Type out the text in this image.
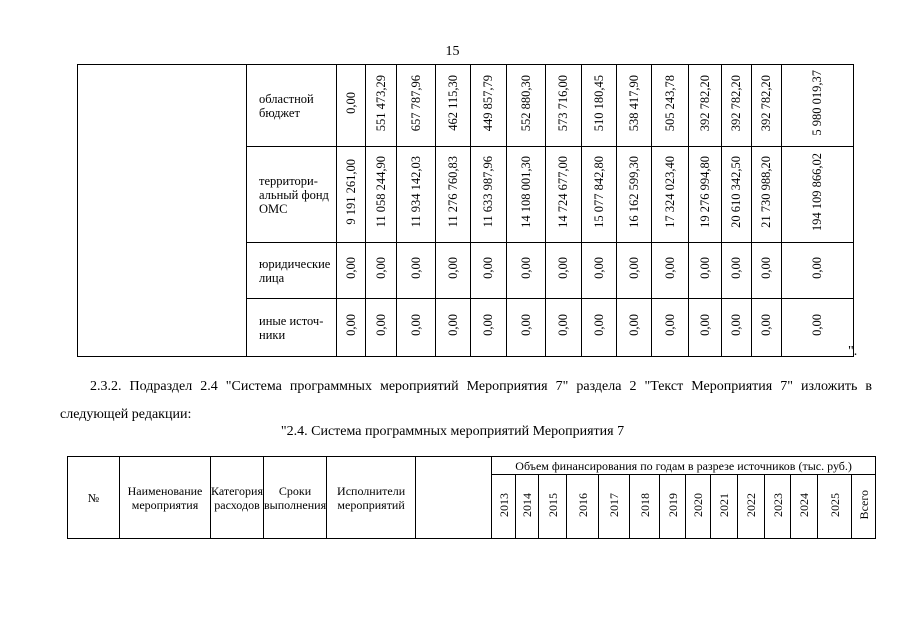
15
	областной бюджет	0,00	551 473,29	657 787,96	462 115,30	449 857,79	552 880,30	573 716,00	510 180,45	538 417,90	505 243,78	392 782,20	392 782,20	392 782,20	5 980 019,37
	территори-альный фонд ОМС	9 191 261,00	11 058 244,90	11 934 142,03	11 276 760,83	11 633 987,96	14 108 001,30	14 724 677,00	15 077 842,80	16 162 599,30	17 324 023,40	19 276 994,80	20 610 342,50	21 730 988,20	194 109 866,02
	юридические лица	0,00	0,00	0,00	0,00	0,00	0,00	0,00	0,00	0,00	0,00	0,00	0,00	0,00	0,00
	иные источ-ники	0,00	0,00	0,00	0,00	0,00	0,00	0,00	0,00	0,00	0,00	0,00	0,00	0,00	0,00
".
2.3.2. Подраздел 2.4 "Система программных мероприятий Мероприятия 7" раздела 2 "Текст Мероприятия 7" изложить в следующей редакции:
"2.4. Система программных мероприятий Мероприятия 7
№	Наименование мероприятия	Категория расходов	Сроки выполнения	Исполнители мероприятий		Объем финансирования по годам в разрезе источников (тыс. руб.)													
						2013	2014	2015	2016	2017	2018	2019	2020	2021	2022	2023	2024	2025	Всего
